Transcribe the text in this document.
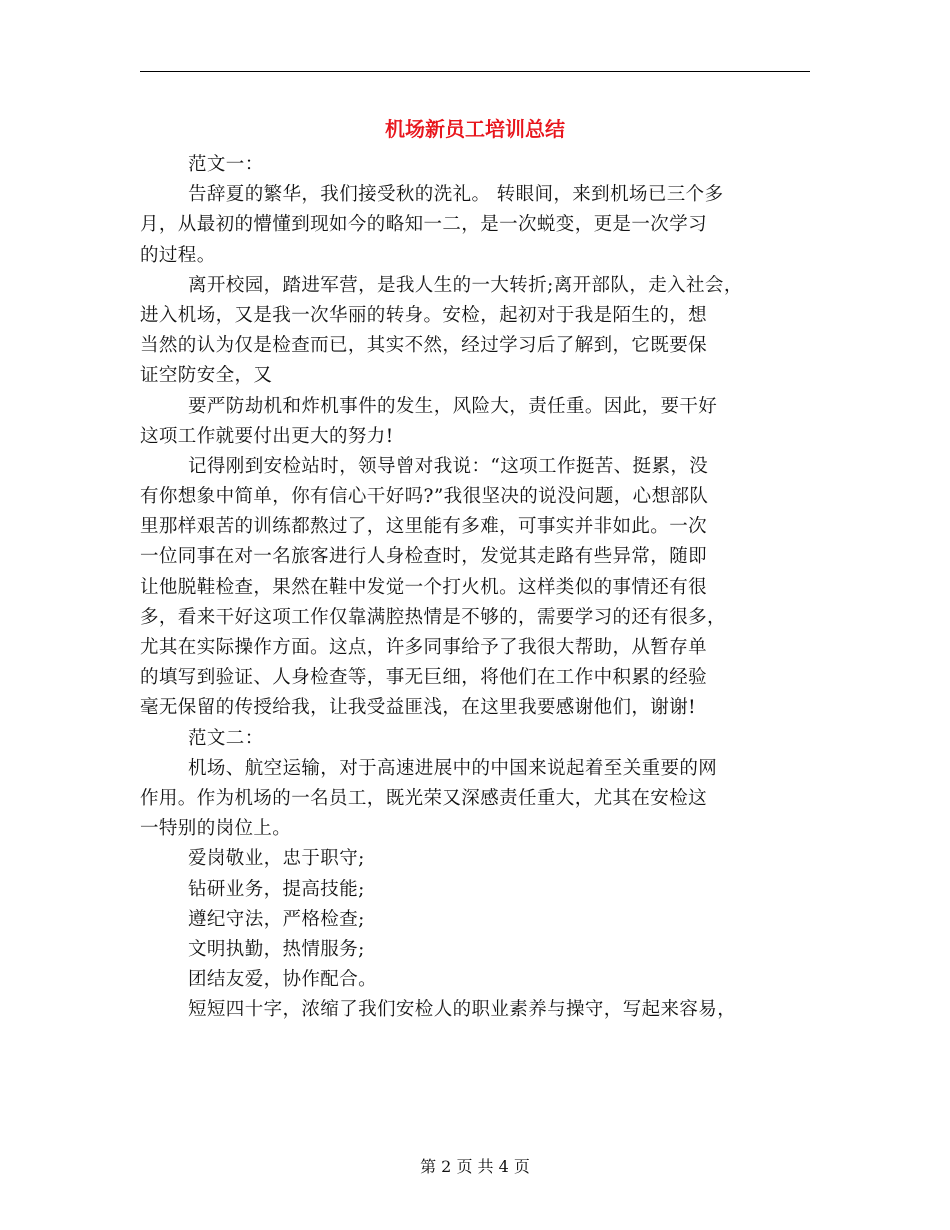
机场新员工培训总结
范文一：
告辞夏的繁华，我们接受秋的洗礼。 转眼间，来到机场已三个多
月，从最初的懵懂到现如今的略知一二，是一次蜕变，更是一次学习
的过程。
离开校园，踏进军营，是我人生的一大转折;离开部队，走入社会，
进入机场，又是我一次华丽的转身。安检，起初对于我是陌生的，想
当然的认为仅是检查而已，其实不然，经过学习后了解到，它既要保
证空防安全，又
要严防劫机和炸机事件的发生，风险大，责任重。因此，要干好
这项工作就要付出更大的努力!
记得刚到安检站时，领导曾对我说：“这项工作挺苦、挺累，没
有你想象中简单，你有信心干好吗?”我很坚决的说没问题，心想部队
里那样艰苦的训练都熬过了，这里能有多难，可事实并非如此。一次
一位同事在对一名旅客进行人身检查时，发觉其走路有些异常，随即
让他脱鞋检查，果然在鞋中发觉一个打火机。这样类似的事情还有很
多，看来干好这项工作仅靠满腔热情是不够的，需要学习的还有很多，
尤其在实际操作方面。这点，许多同事给予了我很大帮助，从暂存单
的填写到验证、人身检查等，事无巨细，将他们在工作中积累的经验
毫无保留的传授给我，让我受益匪浅，在这里我要感谢他们，谢谢!
范文二：
机场、航空运输，对于高速进展中的中国来说起着至关重要的网
作用。作为机场的一名员工，既光荣又深感责任重大，尤其在安检这
一特别的岗位上。
爱岗敬业，忠于职守;
钻研业务，提高技能;
遵纪守法，严格检查;
文明执勤，热情服务;
团结友爱，协作配合。
短短四十字，浓缩了我们安检人的职业素养与操守，写起来容易，
第 2 页 共 4 页
